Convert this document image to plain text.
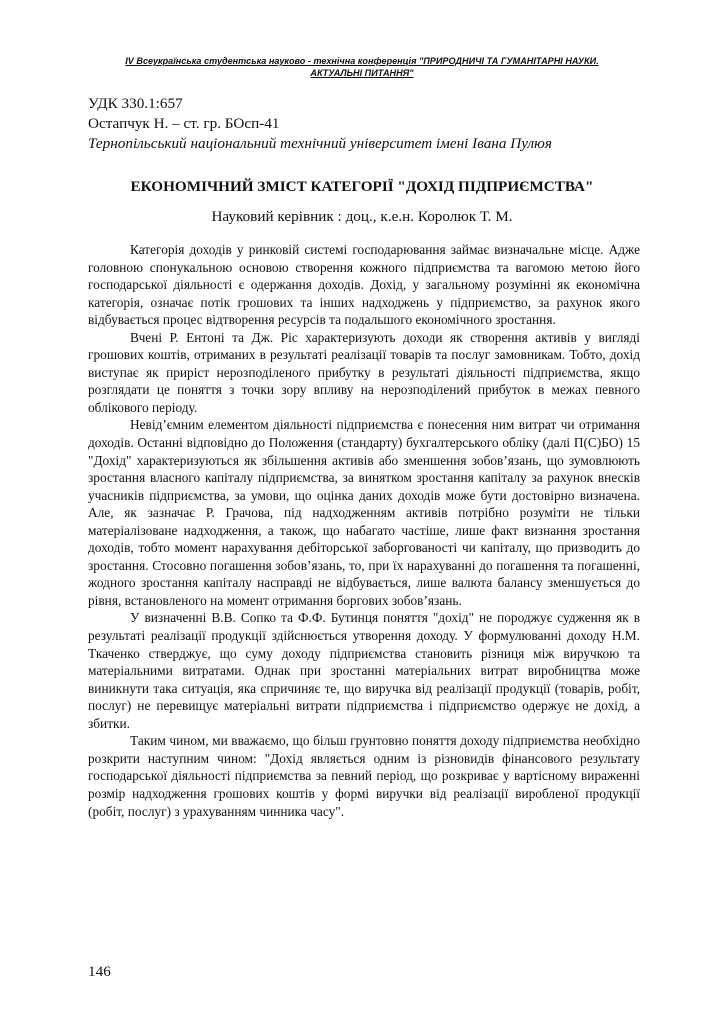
IV Всеукраїнська студентська науково - технічна конференція "ПРИРОДНИЧІ ТА ГУМАНІТАРНІ НАУКИ.
АКТУАЛЬНІ ПИТАННЯ"
УДК 330.1:657
Остапчук Н. – ст. гр. БОсп-41
Тернопільський національний технічний університет імені Івана Пулюя
ЕКОНОМІЧНИЙ ЗМІСТ КАТЕГОРІЇ "ДОХІД ПІДПРИЄМСТВА"
Науковий керівник : доц., к.е.н. Королюк Т. М.

Категорія доходів у ринковій системі господарювання займає визначальне місце. Адже головною спонукальною основою створення кожного підприємства та вагомою метою його господарської діяльності є одержання доходів. Дохід, у загальному розумінні як економічна категорія, означає потік грошових та інших надходжень у підприємство, за рахунок якого відбувається процес відтворення ресурсів та подальшого економічного зростання.

Вчені Р. Ентоні та Дж. Ріс характеризують доходи як створення активів у вигляді грошових коштів, отриманих в результаті реалізації товарів та послуг замовникам. Тобто, дохід виступає як приріст нерозподіленого прибутку в результаті діяльності підприємства, якщо розглядати це поняття з точки зору впливу на нерозподілений прибуток в межах певного облікового періоду.

Невід’ємним елементом діяльності підприємства є понесення ним витрат чи отримання доходів. Останні відповідно до Положення (стандарту) бухгалтерського обліку (далі П(С)БО) 15 "Дохід" характеризуються як збільшення активів або зменшення зобов’язань, що зумовлюють зростання власного капіталу підприємства, за винятком зростання капіталу за рахунок внесків учасників підприємства, за умови, що оцінка даних доходів може бути достовірно визначена. Але, як зазначає Р. Грачова, під надходженням активів потрібно розуміти не тільки матеріалізоване надходження, а також, що набагато частіше, лише факт визнання зростання доходів, тобто момент нарахування дебіторської заборгованості чи капіталу, що призводить до зростання. Стосовно погашення зобов’язань, то, при їх нарахуванні до погашення та погашенні, жодного зростання капіталу насправді не відбувається, лише валюта балансу зменшується до рівня, встановленого на момент отримання боргових зобов’язань.

У визначенні В.В. Сопко та Ф.Ф. Бутинця поняття "дохід" не породжує судження як в результаті реалізації продукції здійснюється утворення доходу. У формулюванні доходу Н.М. Ткаченко стверджує, що суму доходу підприємства становить різниця між виручкою та матеріальними витратами. Однак при зростанні матеріальних витрат виробництва може виникнути така ситуація, яка спричиняє те, що виручка від реалізації продукції (товарів, робіт, послуг) не перевищує матеріальні витрати підприємства і підприємство одержує не дохід, а збитки.

Таким чином, ми вважаємо, що більш грунтовно поняття доходу підприємства необхідно розкрити наступним чином: "Дохід являється одним із різновидів фінансового результату господарської діяльності підприємства за певний період, що розкриває у вартісному вираженні розмір надходження грошових коштів у формі виручки від реалізації виробленої продукції (робіт, послуг) з урахуванням чинника часу".

146
